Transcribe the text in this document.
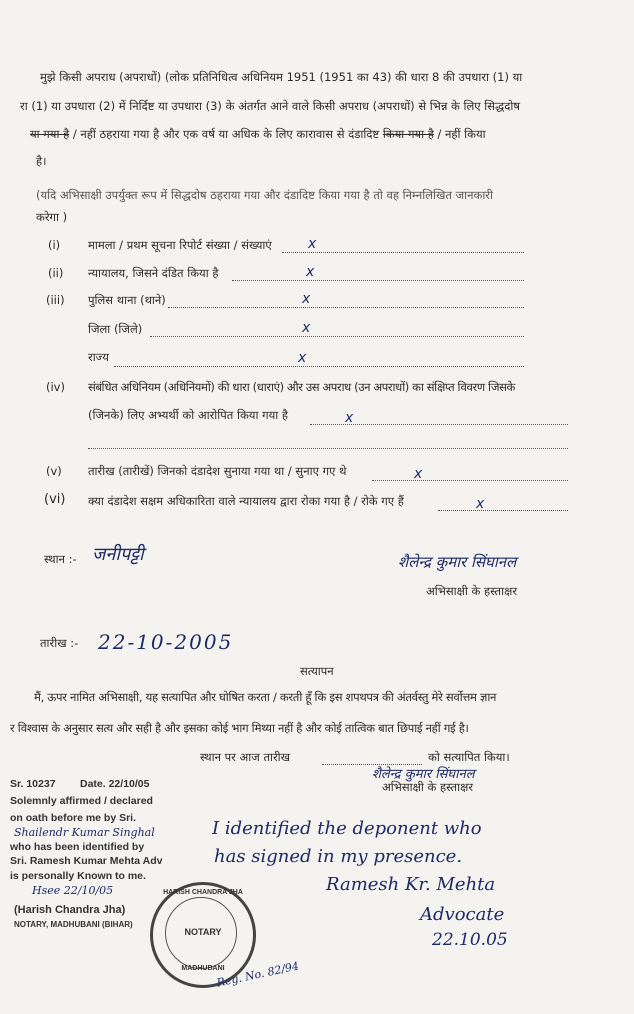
मुझे किसी अपराध (अपराधों) (लोक प्रतिनिधित्व अधिनियम 1951 (1951 का 43) की धारा 8 की उपधारा (1) या
रा (1) या उपधारा (2) में निर्दिष्ट या उपधारा (3) के अंतर्गत आने वाले किसी अपराध (अपराधों) से भिन्न के लिए सिद्धदोष
या गया है / नहीं ठहराया गया है और एक वर्ष या अधिक के लिए कारावास से दंडादिष्ट किया गया है / नहीं किया
है।
(यदि अभिसाक्षी उपर्युक्त रूप में सिद्धदोष ठहराया गया और दंडादिष्ट किया गया है तो वह निम्नलिखित जानकारी
करेगा )
(i) मामला / प्रथम सूचना रिपोर्ट संख्या / संख्याएं	x
(ii) न्यायालय, जिसने दंडित किया है	x
(iii) पुलिस थाना (थाने)	x
जिला (जिले)	x
राज्य	x
(iv) संबंधित अधिनियम (अधिनियमों) की धारा (धाराएं) और उस अपराध (उन अपराधों) का संक्षिप्त विवरण जिसके
(जिनके) लिए अभ्यर्थी को आरोपित किया गया है	x
(v) तारीख (तारीखें) जिनको दंडादेश सुनाया गया था / सुनाए गए थे	x
(vi) क्या दंडादेश सक्षम अधिकारिता वाले न्यायालय द्वारा रोका गया है / रोके गए हैं	x
स्थान :- जनीपट्टी	शैलेन्द्र कुमार सिंघानल
अभिसाक्षी के हस्ताक्षर
तारीख :- 22-10-2005
सत्यापन
मैं, ऊपर नामित अभिसाक्षी, यह सत्यापित और घोषित करता / करती हूँ कि इस शपथपत्र की अंतर्वस्तु मेरे सर्वोत्तम ज्ञान
र विश्वास के अनुसार सत्य और सही है और इसका कोई भाग मिथ्या नहीं है और कोई तात्विक बात छिपाई नहीं गई है।
स्थान पर आज तारीख	को सत्यापित किया।
शैलेन्द्र कुमार सिंघानल
अभिसाक्षी के हस्ताक्षर
Sr. 10237 Date. 22/10/05
Solemnly affirmed / declared
on oath before me by Sri.
Shailendr Kumar Singhal
who has been identified by
Sri. Ramesh Kumar Mehta Adv
is personally Known to me.
Hsee 22/10/05
(Harish Chandra Jha)
NOTARY, MADHUBANI (BIHAR)
HARISH CHANDRA JHA
NOTARY
MADHUBANI
Reg. No. 82/94
I identified the deponent who
has signed in my presence.
Ramesh Kr. Mehta
Advocate
22.10.05
